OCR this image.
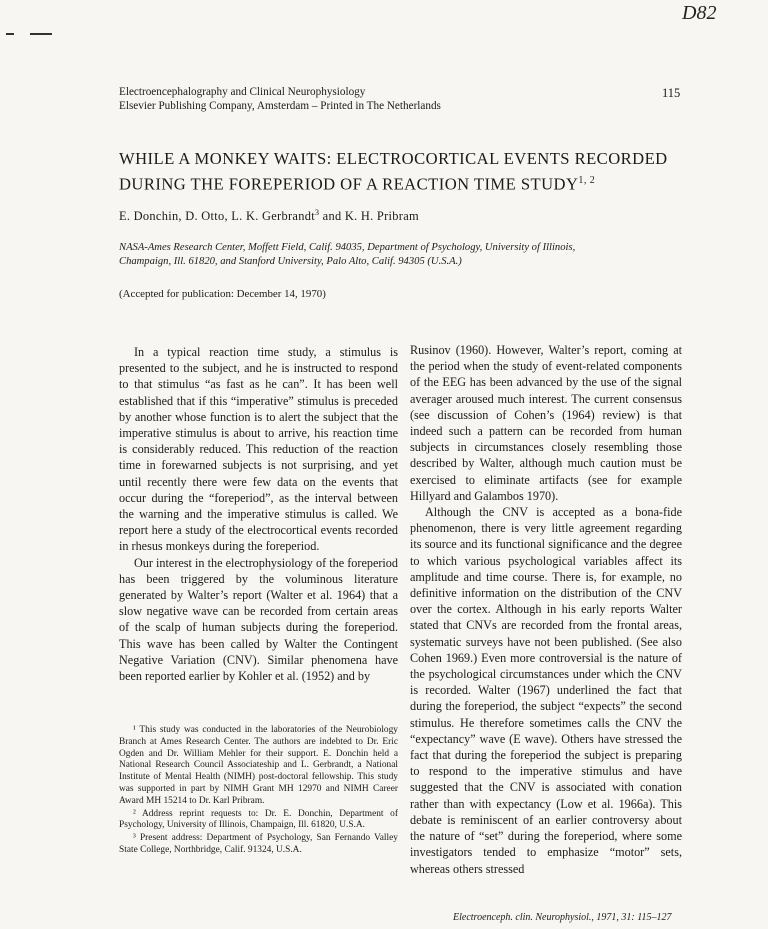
D82
Electroencephalography and Clinical Neurophysiology
Elsevier Publishing Company, Amsterdam – Printed in The Netherlands
115
WHILE A MONKEY WAITS: ELECTROCORTICAL EVENTS RECORDED
DURING THE FOREPERIOD OF A REACTION TIME STUDY$^{1, 2}$
E. Donchin, D. Otto, L. K. Gerbrandt$^3$ and K. H. Pribram
NASA-Ames Research Center, Moffett Field, Calif. 94035, Department of Psychology, University of Illinois,
Champaign, Ill. 61820, and Stanford University, Palo Alto, Calif. 94305 (U.S.A.)
(Accepted for publication: December 14, 1970)

In a typical reaction time study, a stimulus is presented to the subject, and he is instructed to respond to that stimulus “as fast as he can”. It has been well established that if this “imperative” stimulus is preceded by another whose function is to alert the subject that the imperative stimulus is about to arrive, his reaction time is considerably reduced. This reduction of the reaction time in forewarned subjects is not surprising, and yet until recently there were few data on the events that occur during the “foreperiod”, as the interval between the warning and the imperative stimulus is called. We report here a study of the electrocortical events recorded in rhesus monkeys during the foreperiod.

Our interest in the electrophysiology of the foreperiod has been triggered by the voluminous literature generated by Walter’s report (Walter et al. 1964) that a slow negative wave can be recorded from certain areas of the scalp of human subjects during the foreperiod. This wave has been called by Walter the Contingent Negative Variation (CNV). Similar phenomena have been reported earlier by Kohler et al. (1952) and by

Rusinov (1960). However, Walter’s report, coming at the period when the study of event-related components of the EEG has been advanced by the use of the signal averager aroused much interest. The current consensus (see discussion of Cohen’s (1964) review) is that indeed such a pattern can be recorded from human subjects in circumstances closely resembling those described by Walter, although much caution must be exercised to eliminate artifacts (see for example Hillyard and Galambos 1970).

Although the CNV is accepted as a bona-fide phenomenon, there is very little agreement regarding its source and its functional significance and the degree to which various psychological variables affect its amplitude and time course. There is, for example, no definitive information on the distribution of the CNV over the cortex. Although in his early reports Walter stated that CNVs are recorded from the frontal areas, systematic surveys have not been published. (See also Cohen 1969.) Even more controversial is the nature of the psychological circumstances under which the CNV is recorded. Walter (1967) underlined the fact that during the foreperiod, the subject “expects” the second stimulus. He therefore sometimes calls the CNV the “expectancy” wave (E wave). Others have stressed the fact that during the foreperiod the subject is preparing to respond to the imperative stimulus and have suggested that the CNV is associated with conation rather than with expectancy (Low et al. 1966a). This debate is reminiscent of an earlier controversy about the nature of “set” during the foreperiod, where some investigators tended to emphasize “motor” sets, whereas others stressed

¹ This study was conducted in the laboratories of the Neurobiology Branch at Ames Research Center. The authors are indebted to Dr. Eric Ogden and Dr. William Mehler for their support. E. Donchin held a National Research Council Associateship and L. Gerbrandt, a National Institute of Mental Health (NIMH) post-doctoral fellowship. This study was supported in part by NIMH Grant MH 12970 and NIMH Career Award MH 15214 to Dr. Karl Pribram.

² Address reprint requests to: Dr. E. Donchin, Department of Psychology, University of Illinois, Champaign, Ill. 61820, U.S.A.

³ Present address: Department of Psychology, San Fernando Valley State College, Northbridge, Calif. 91324, U.S.A.

Electroenceph. clin. Neurophysiol., 1971, 31: 115–127
